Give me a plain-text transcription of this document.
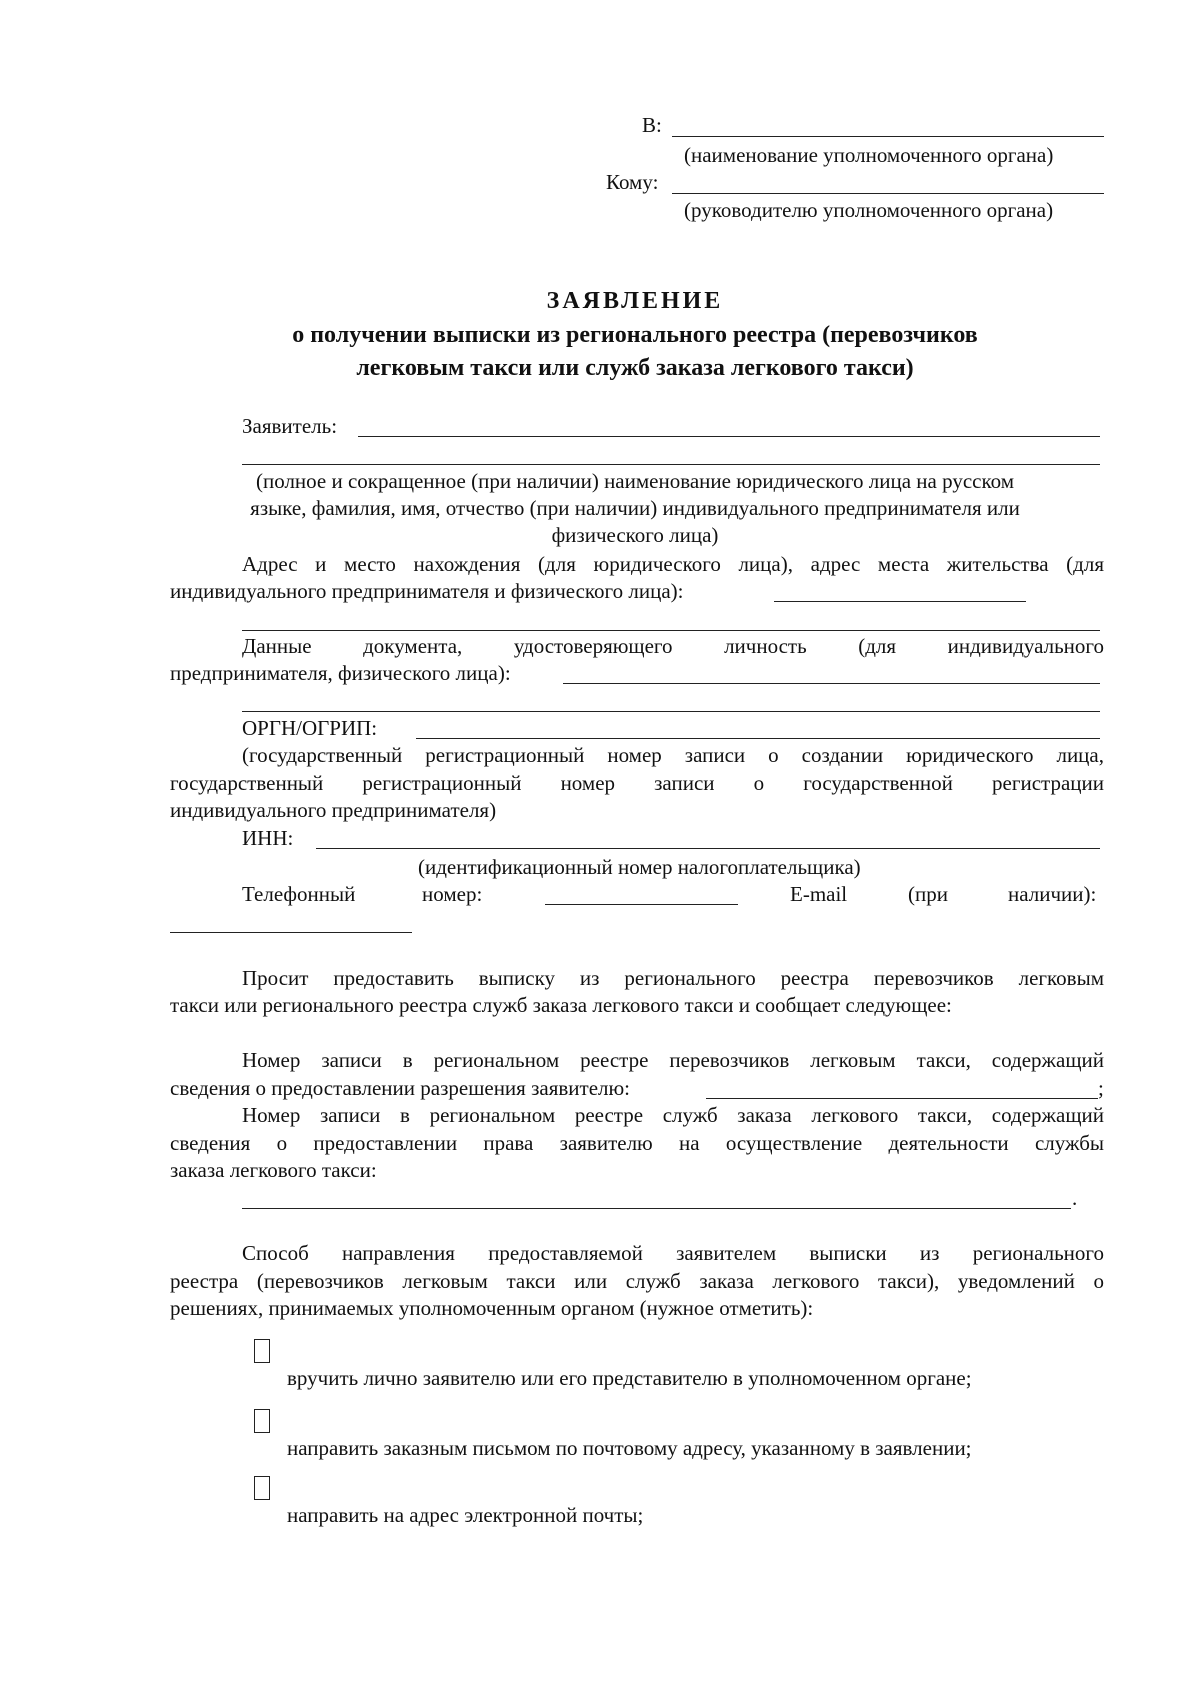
В:
(наименование уполномоченного органа)
Кому:
(руководителю уполномоченного органа)
ЗАЯВЛЕНИЕ
о получении выписки из регионального реестра (перевозчиков
легковым такси или служб заказа легкового такси)
Заявитель:
(полное и сокращенное (при наличии) наименование юридического лица на русском
языке, фамилия, имя, отчество (при наличии) индивидуального предпринимателя или
физического лица)
Адрес и место нахождения (для юридического лица), адрес места жительства (для
индивидуального предпринимателя и физического лица):
Данные документа, удостоверяющего личность (для индивидуального
предпринимателя, физического лица):
ОРГН/ОГРИП:
(государственный регистрационный номер записи о создании юридического лица,
государственный регистрационный номер записи о государственной регистрации
индивидуального предпринимателя)
ИНН:
(идентификационный номер налогоплательщика)
Телефонный	номер:	E-mail	(при	наличии):
Просит предоставить выписку из регионального реестра перевозчиков легковым
такси или регионального реестра служб заказа легкового такси и сообщает следующее:
Номер записи в региональном реестре перевозчиков легковым такси, содержащий
сведения о предоставлении разрешения заявителю:	;
Номер записи в региональном реестре служб заказа легкового такси, содержащий
сведения о предоставлении права заявителю на осуществление деятельности службы
заказа легкового такси:
.
Способ направления предоставляемой заявителем выписки из регионального
реестра (перевозчиков легковым такси или служб заказа легкового такси), уведомлений о
решениях, принимаемых уполномоченным органом (нужное отметить):
вручить лично заявителю или его представителю в уполномоченном органе;
направить заказным письмом по почтовому адресу, указанному в заявлении;
направить на адрес электронной почты;
